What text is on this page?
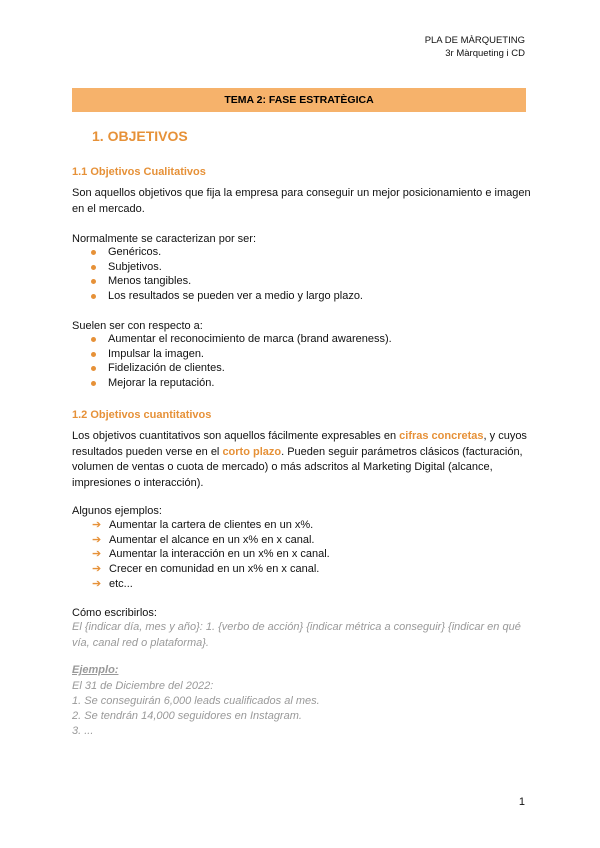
PLA DE MÀRQUETING
3r Màrqueting i CD
TEMA 2: FASE ESTRATÈGICA
1. OBJETIVOS
1.1 Objetivos Cualitativos
Son aquellos objetivos que fija la empresa para conseguir un mejor posicionamiento e imagen en el mercado.
Normalmente se caracterizan por ser:
Genéricos.
Subjetivos.
Menos tangibles.
Los resultados se pueden ver a medio y largo plazo.
Suelen ser con respecto a:
Aumentar el reconocimiento de marca (brand awareness).
Impulsar la imagen.
Fidelización de clientes.
Mejorar la reputación.
1.2 Objetivos cuantitativos
Los objetivos cuantitativos son aquellos fácilmente expresables en cifras concretas, y cuyos resultados pueden verse en el corto plazo. Pueden seguir parámetros clásicos (facturación, volumen de ventas o cuota de mercado) o más adscritos al Marketing Digital (alcance, impresiones o interacción).
Algunos ejemplos:
➔ Aumentar la cartera de clientes en un x%.
➔ Aumentar el alcance en un x% en x canal.
➔ Aumentar la interacción en un x% en x canal.
➔ Crecer en comunidad en un x% en x canal.
➔ etc...
Cómo escribirlos:
El {indicar día, mes y año}: 1. {verbo de acción} {indicar métrica a conseguir} {indicar en qué vía, canal red o plataforma}.
Ejemplo:
El 31 de Diciembre del 2022:
1. Se conseguirán 6,000 leads cualificados al mes.
2. Se tendrán 14,000 seguidores en Instagram.
3. ...
1
